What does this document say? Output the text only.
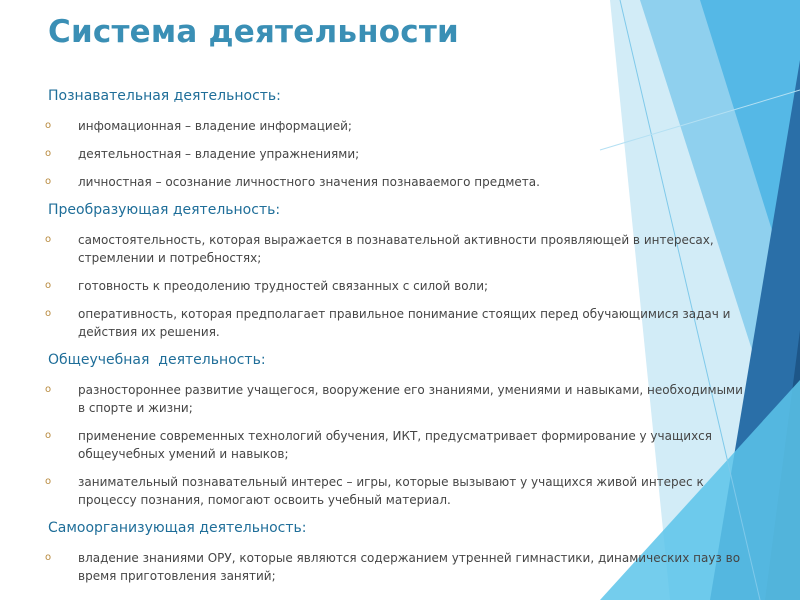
Система деятельности

Познавательная деятельность:

o инфомационная – владение информацией;
o деятельностная – владение упражнениями;
o личностная – осознание личностного значения познаваемого предмета.

Преобразующая деятельность:

o самостоятельность, которая выражается в познавательной активности проявляющей в интересах, стремлении и потребностях;
o готовность к преодолению трудностей связанных с силой воли;
o оперативность, которая предполагает правильное понимание стоящих перед обучающимися задач и действия их решения.

Общеучебная  деятельность:

o разностороннее развитие учащегося, вооружение его знаниями, умениями и навыками, необходимыми в спорте и жизни;
o применение современных технологий обучения, ИКТ, предусматривает формирование у учащихся общеучебных умений и навыков;
o занимательный познавательный интерес – игры, которые вызывают у учащихся живой интерес к процессу познания, помогают освоить учебный материал.

Самоорганизующая деятельность:

o владение знаниями ОРУ, которые являются содержанием утренней гимнастики, динамических пауз во время приготовления занятий;
